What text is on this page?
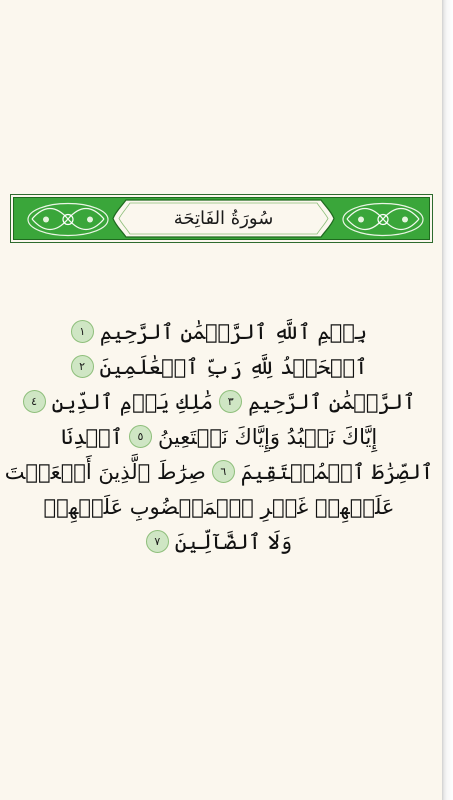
سُورَةُ الفَاتِحَة
بِسۡمِ ٱللَّهِ ٱلرَّحۡمَٰنِ ٱلرَّحِيمِ
١
ٱلۡحَمۡدُ لِلَّهِ رَبِّ ٱلۡعَٰلَمِينَ
٢
ٱلرَّحۡمَٰنِ ٱلرَّحِيمِ
٣
مَٰلِكِ يَوۡمِ ٱلدِّينِ
٤
إِيَّاكَ نَعۡبُدُ وَإِيَّاكَ نَسۡتَعِينُ
٥
ٱهۡدِنَا
ٱلصِّرَٰطَ ٱلۡمُسۡتَقِيمَ
٦
صِرَٰطَ ٱلَّذِينَ أَنۡعَمۡتَ
عَلَيۡهِمۡ غَيۡرِ ٱلۡمَغۡضُوبِ عَلَيۡهِمۡ
وَلَا ٱلضَّآلِّينَ
٧
